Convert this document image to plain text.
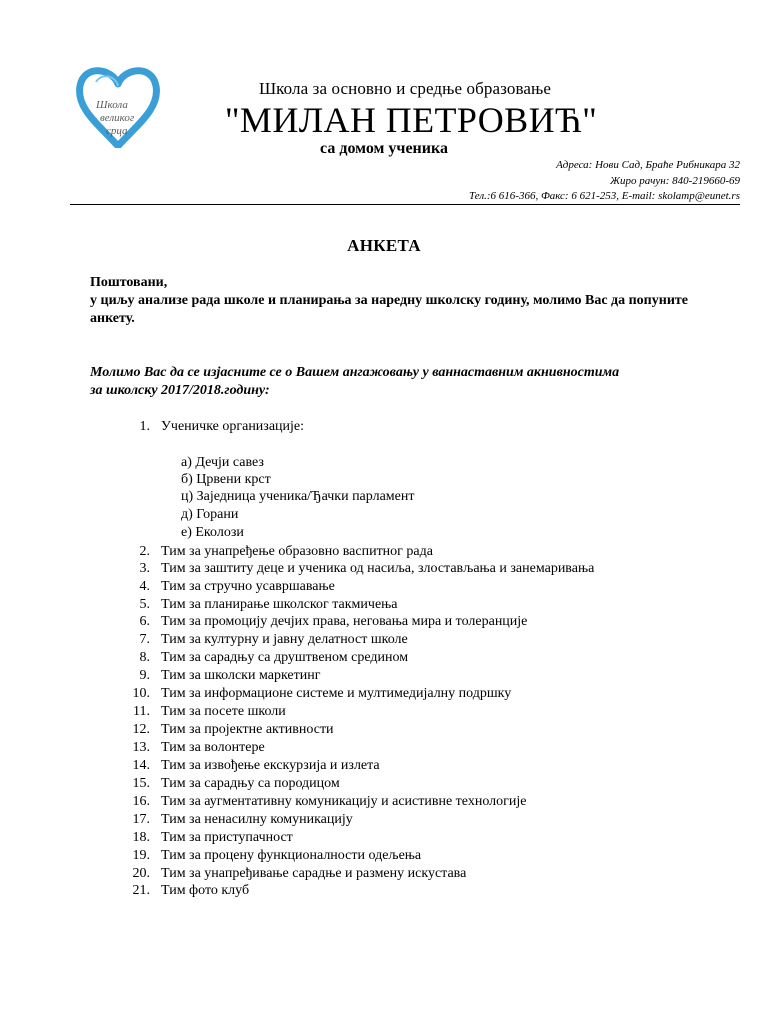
Школа
великог
срца
Школа за основно и средње образовање
"МИЛАН ПЕТРОВИЋ"
са домом ученика
Адреса: Нови Сад, Браће Рибникара 32
Жиро рачун: 840-219660-69
Тел.:6 616-366, Факс: 6 621-253, E-mail: skolamp@eunet.rs
АНКЕТА
Поштовани,
у циљу анализе рада школе и планирања за наредну школску годину, молимо Вас да попуните анкету.
Молимо Вас да се изјасните се о Вашем ангажовању у ваннаставним акнивностима
за школску 2017/2018.годину:
1. Ученичке организације:
2. Тим за унапређење образовно васпитног рада
3. Тим за заштиту деце и ученика од насиља, злостављања и занемаривања
4. Тим за стручно усавршавање
5. Тим за планирање школског такмичења
6. Тим за промоцију дечјих права, неговања мира и толеранције
7. Тим за културну и јавну делатност школе
8. Тим за сарадњу са друштвеном средином
9. Тим за школски маркетинг
10. Тим за информационе системе и мултимедијалну подршку
11. Тим за посете школи
12. Тим за пројектне активности
13. Тим за волонтере
14. Тим за извођење екскурзија и излета
15. Тим за сарадњу са породицом
16. Тим за аугментативну комуникацију и асистивне технологије
17. Тим за ненасилну комуникацију
18. Тим за приступачност
19. Тим за процену функционалности одељења
20. Тим за унапређивање сарадње и размену искустава
21. Тим фото клуб
а) Дечји савез
б) Црвени крст
ц) Заједница ученика/Ђачки парламент
д) Горани
е) Еколози
